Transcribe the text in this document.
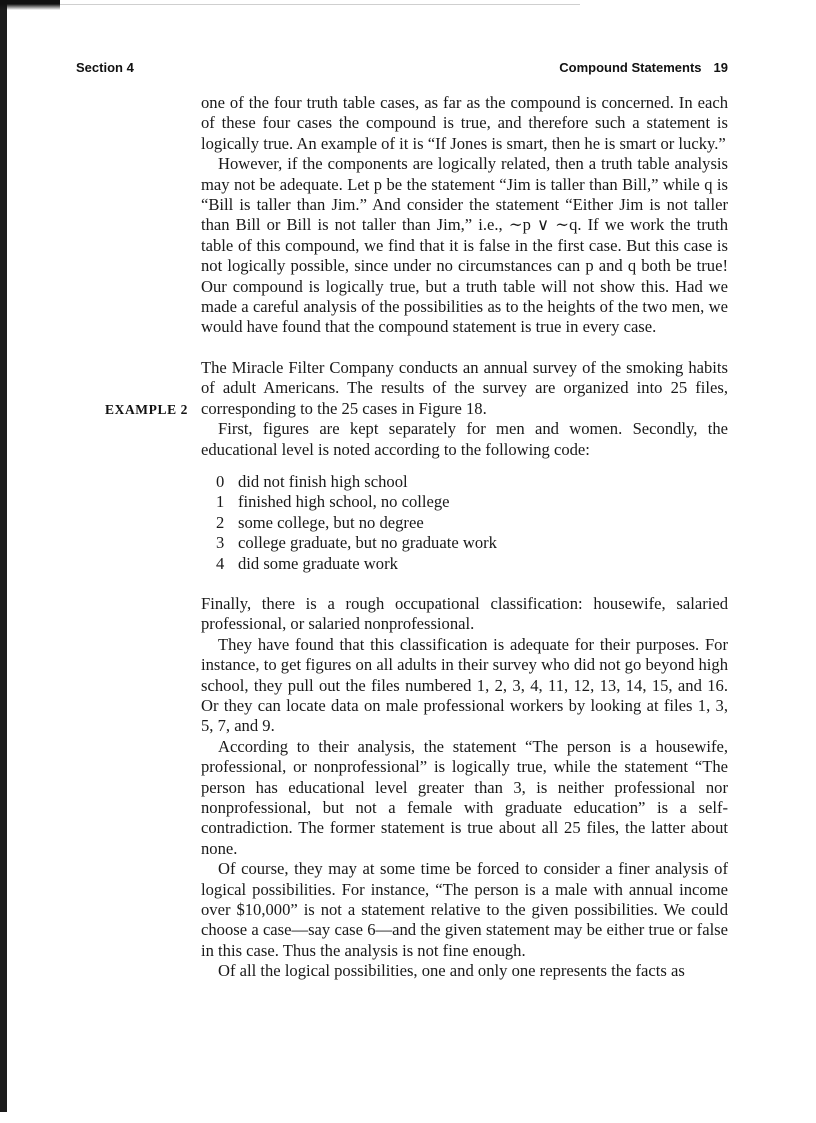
Section 4	Compound Statements 19
EXAMPLE 2

one of the four truth table cases, as far as the compound is concerned. In each of these four cases the compound is true, and therefore such a statement is logically true. An example of it is “If Jones is smart, then he is smart or lucky.”

However, if the components are logically related, then a truth table analysis may not be adequate. Let p be the statement “Jim is taller than Bill,” while q is “Bill is taller than Jim.” And consider the statement “Either Jim is not taller than Bill or Bill is not taller than Jim,” i.e., ∼p ∨ ∼q. If we work the truth table of this compound, we find that it is false in the first case. But this case is not logically possible, since under no circumstances can p and q both be true! Our compound is logically true, but a truth table will not show this. Had we made a careful analysis of the possibilities as to the heights of the two men, we would have found that the compound statement is true in every case.

The Miracle Filter Company conducts an annual survey of the smoking habits of adult Americans. The results of the survey are organized into 25 files, corresponding to the 25 cases in Figure 18.

First, figures are kept separately for men and women. Secondly, the educational level is noted according to the following code:

0 did not finish high school
1 finished high school, no college
2 some college, but no degree
3 college graduate, but no graduate work
4 did some graduate work

Finally, there is a rough occupational classification: housewife, salaried professional, or salaried nonprofessional.

They have found that this classification is adequate for their purposes. For instance, to get figures on all adults in their survey who did not go beyond high school, they pull out the files numbered 1, 2, 3, 4, 11, 12, 13, 14, 15, and 16. Or they can locate data on male professional workers by looking at files 1, 3, 5, 7, and 9.

According to their analysis, the statement “The person is a housewife, professional, or nonprofessional” is logically true, while the statement “The person has educational level greater than 3, is neither professional nor nonprofessional, but not a female with graduate education” is a self-contradiction. The former statement is true about all 25 files, the latter about none.

Of course, they may at some time be forced to consider a finer analysis of logical possibilities. For instance, “The person is a male with annual income over $10,000” is not a statement relative to the given possibilities. We could choose a case—say case 6—and the given statement may be either true or false in this case. Thus the analysis is not fine enough.

Of all the logical possibilities, one and only one represents the facts as
